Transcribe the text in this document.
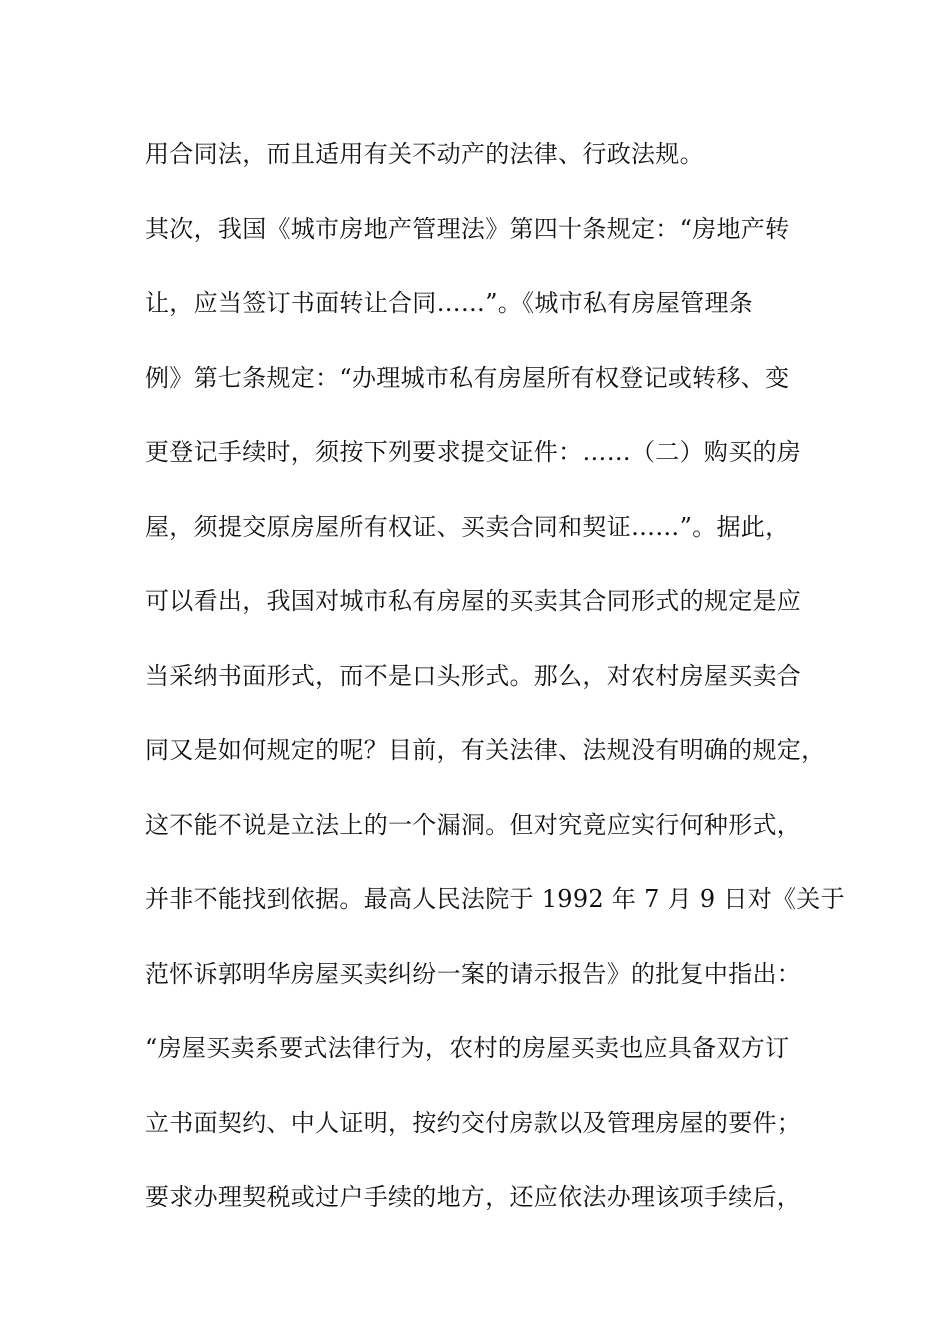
用合同法，而且适用有关不动产的法律、行政法规。
其次，我国《城市房地产管理法》第四十条规定：“房地产转
让，应当签订书面转让合同……”。《城市私有房屋管理条
例》第七条规定：“办理城市私有房屋所有权登记或转移、变
更登记手续时，须按下列要求提交证件：……（二）购买的房
屋，须提交原房屋所有权证、买卖合同和契证……”。据此，
可以看出，我国对城市私有房屋的买卖其合同形式的规定是应
当采纳书面形式，而不是口头形式。那么，对农村房屋买卖合
同又是如何规定的呢？目前，有关法律、法规没有明确的规定，
这不能不说是立法上的一个漏洞。但对究竟应实行何种形式，
并非不能找到依据。最高人民法院于 1992 年 7 月 9 日对《关于
范怀诉郭明华房屋买卖纠纷一案的请示报告》的批复中指出：
“房屋买卖系要式法律行为，农村的房屋买卖也应具备双方订
立书面契约、中人证明，按约交付房款以及管理房屋的要件；
要求办理契税或过户手续的地方，还应依法办理该项手续后，
